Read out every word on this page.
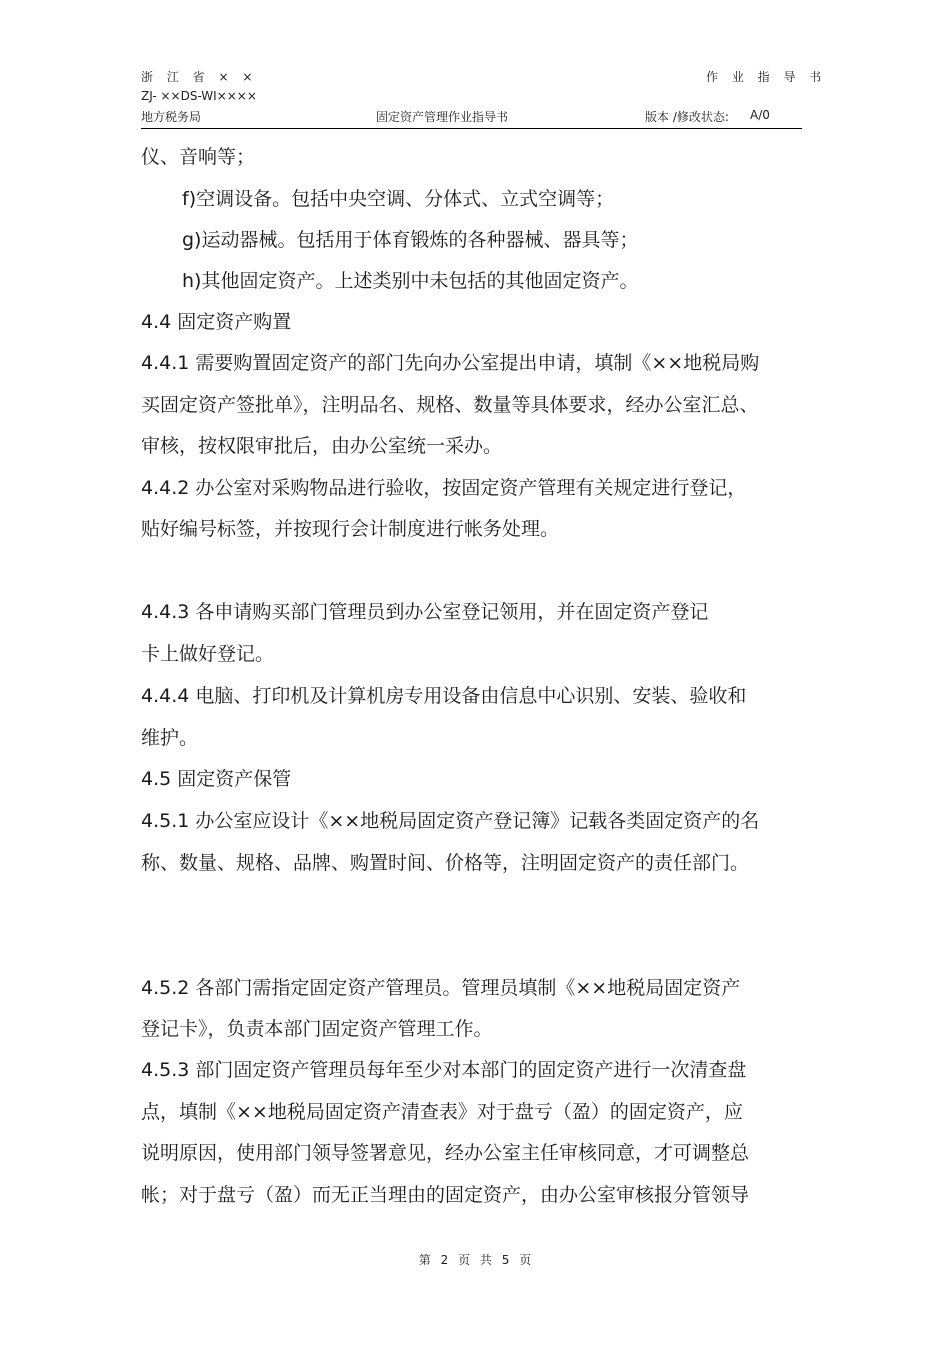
浙 江 省 × ×
ZJ- ××DS-WI××××
地方税务局	固定资产管理作业指导书
作 业 指 导 书
版本 /修改状态: A/0
仪、音响等；
f)空调设备。包括中央空调、分体式、立式空调等；
g)运动器械。包括用于体育锻炼的各种器械、器具等；
h)其他固定资产。上述类别中未包括的其他固定资产。
4.4 固定资产购置
4.4.1 需要购置固定资产的部门先向办公室提出申请，填制《××地税局购
买固定资产签批单》，注明品名、规格、数量等具体要求，经办公室汇总、
审核，按权限审批后，由办公室统一采办。
4.4.2 办公室对采购物品进行验收，按固定资产管理有关规定进行登记，
贴好编号标签，并按现行会计制度进行帐务处理。
4.4.3 各申请购买部门管理员到办公室登记领用，并在固定资产登记
卡上做好登记。
4.4.4 电脑、打印机及计算机房专用设备由信息中心识别、安装、验收和
维护。
4.5 固定资产保管
4.5.1 办公室应设计《××地税局固定资产登记簿》记载各类固定资产的名
称、数量、规格、品牌、购置时间、价格等，注明固定资产的责任部门。
4.5.2 各部门需指定固定资产管理员。管理员填制《××地税局固定资产
登记卡》，负责本部门固定资产管理工作。
4.5.3 部门固定资产管理员每年至少对本部门的固定资产进行一次清查盘
点，填制《××地税局固定资产清查表》对于盘亏（盈）的固定资产，应
说明原因，使用部门领导签署意见，经办公室主任审核同意，才可调整总
帐；对于盘亏（盈）而无正当理由的固定资产，由办公室审核报分管领导
第 2 页 共 5 页
